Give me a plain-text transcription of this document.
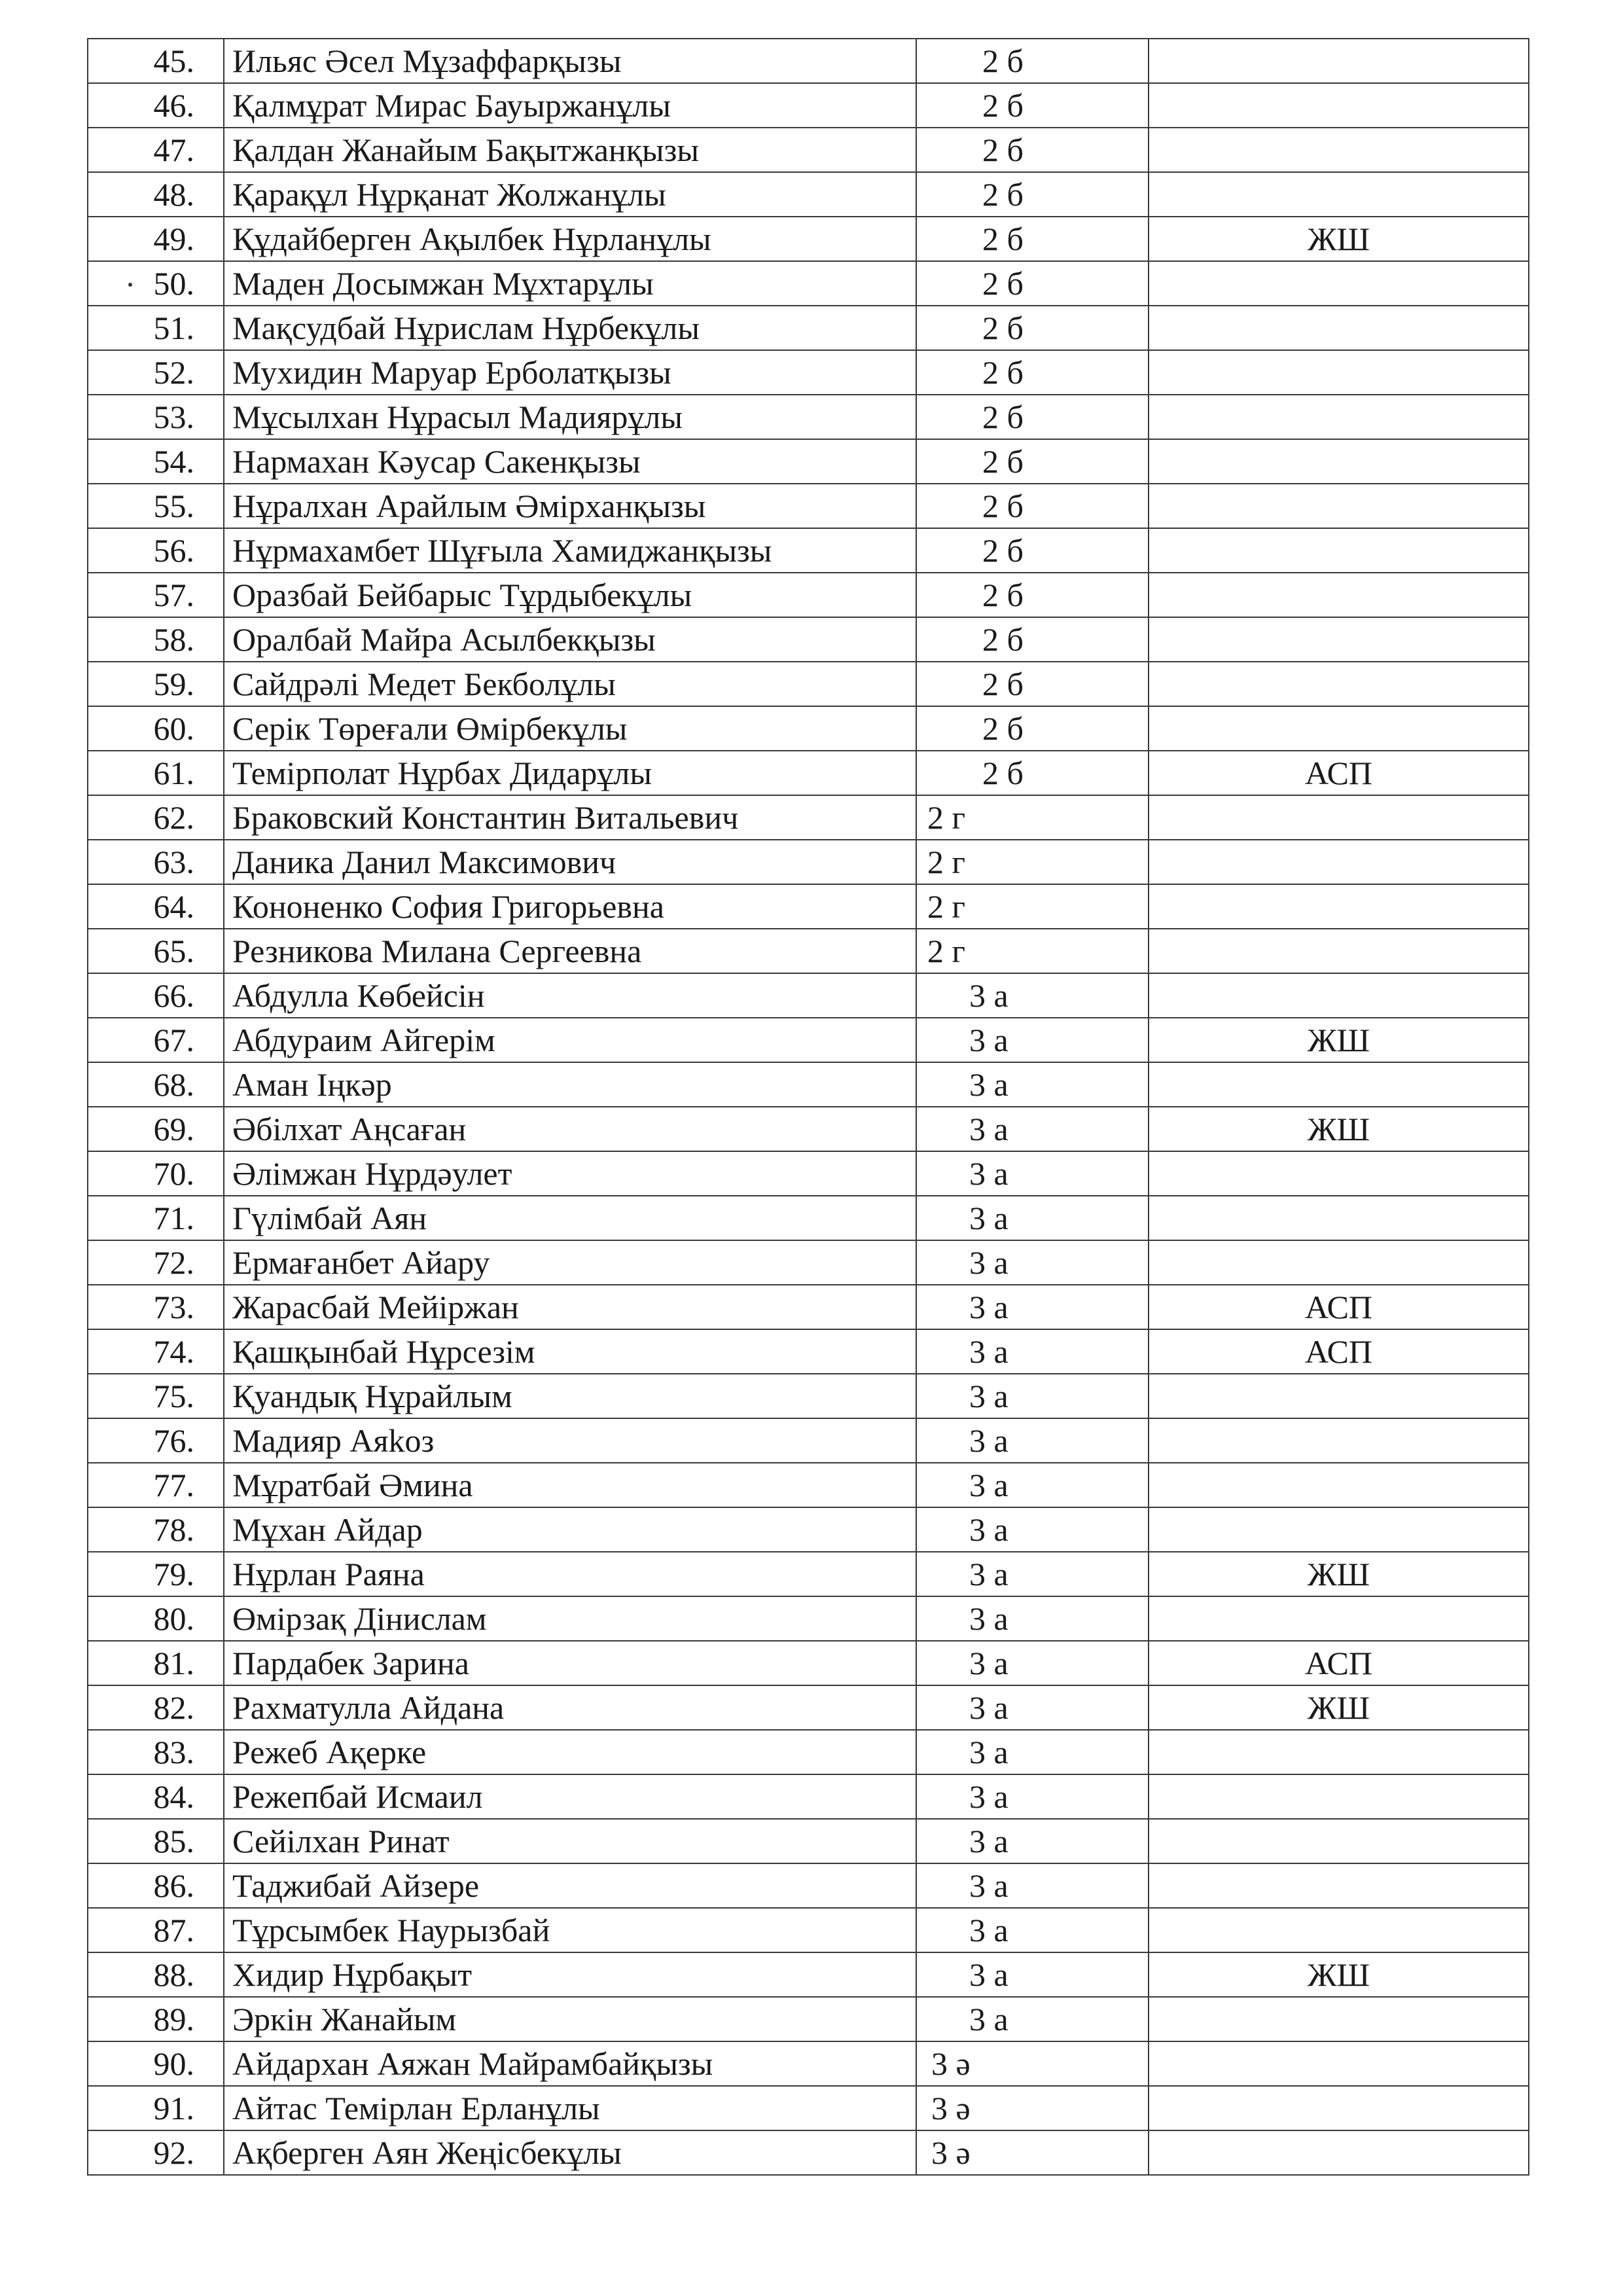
45.	Ильяс Әсел Мұзаффарқызы	2 б	
46.	Қалмұрат Мирас Бауыржанұлы	2 б	
47.	Қалдан Жанайым Бақытжанқызы	2 б	
48.	Қарақұл Нұрқанат Жолжанұлы	2 б	
49.	Құдайберген Ақылбек Нұрланұлы	2 б	ЖШ
50.	Маден Досымжан Мұхтарұлы	2 б	
51.	Мақсудбай Нұрислам Нұрбекұлы	2 б	
52.	Мухидин Маруар Ерболатқызы	2 б	
53.	Мұсылхан Нұрасыл Мадиярұлы	2 б	
54.	Нармахан Кәусар Сакенқызы	2 б	
55.	Нұралхан Арайлым Әмірханқызы	2 б	
56.	Нұрмахамбет Шұғыла Хамиджанқызы	2 б	
57.	Оразбай Бейбарыс Тұрдыбекұлы	2 б	
58.	Оралбай Майра Асылбекқызы	2 б	
59.	Сайдрәлі Медет Бекболұлы	2 б	
60.	Серік Төреғали Өмірбекұлы	2 б	
61.	Темірполат Нұрбах Дидарұлы	2 б	АСП
62.	Браковский Константин Витальевич	2 г	
63.	Даника Данил Максимович	2 г	
64.	Кононенко София Григорьевна	2 г	
65.	Резникова Милана Сергеевна	2 г	
66.	Абдулла Көбейсін	3 а	
67.	Абдураим Айгерім	3 а	ЖШ
68.	Аман Іңкәр	3 а	
69.	Әбілхат Аңсаған	3 а	ЖШ
70.	Әлімжан Нұрдәулет	3 а	
71.	Гүлімбай Аян	3 а	
72.	Ермағанбет Айару	3 а	
73.	Жарасбай Мейіржан	3 а	АСП
74.	Қашқынбай Нұрсезім	3 а	АСП
75.	Қуандық Нұрайлым	3 а	
76.	Мадияр Аяkоз	3 а	
77.	Мұратбай Әмина	3 а	
78.	Мұхан Айдар	3 а	
79.	Нұрлан Раяна	3 а	ЖШ
80.	Өмірзақ Дінислам	3 а	
81.	Пардабек Зарина	3 а	АСП
82.	Рахматулла Айдана	3 а	ЖШ
83.	Режеб Ақерке	3 а	
84.	Режепбай Исмаил	3 а	
85.	Сейілхан Ринат	3 а	
86.	Таджибай Айзере	3 а	
87.	Тұрсымбек Наурызбай	3 а	
88.	Хидир Нұрбақыт	3 а	ЖШ
89.	Эркін Жанайым	3 а	
90.	Айдархан Аяжан Майрамбайқызы	3 ә	
91.	Айтас Темірлан Ерланұлы	3 ә	
92.	Ақберген Аян Жеңісбекұлы	3 ә	
